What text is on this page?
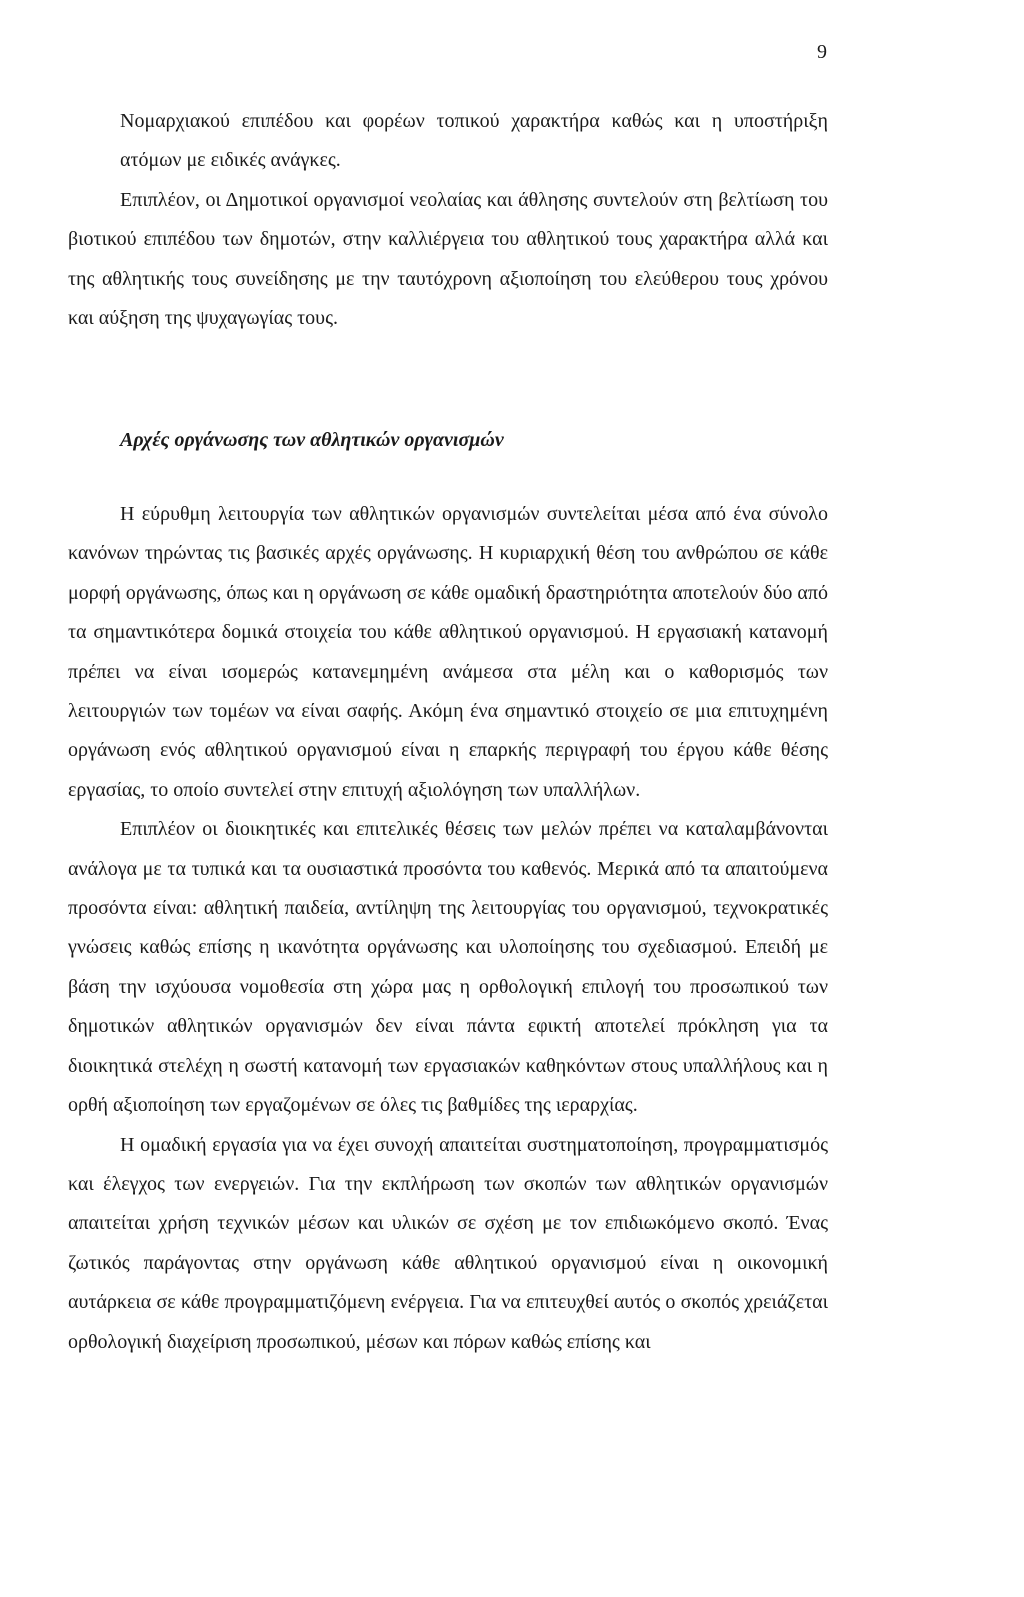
9

Νομαρχιακού επιπέδου και φορέων τοπικού χαρακτήρα καθώς και η υποστήριξη ατόμων με ειδικές ανάγκες.

Επιπλέον, οι Δημοτικοί οργανισμοί νεολαίας και άθλησης συντελούν στη βελτίωση του βιοτικού επιπέδου των δημοτών, στην καλλιέργεια του αθλητικού τους χαρακτήρα αλλά και της αθλητικής τους συνείδησης με την ταυτόχρονη αξιοποίηση του ελεύθερου τους χρόνου και αύξηση της ψυχαγωγίας τους.

Αρχές οργάνωσης των αθλητικών οργανισμών

Η εύρυθμη λειτουργία των αθλητικών οργανισμών συντελείται μέσα από ένα σύνολο κανόνων τηρώντας τις βασικές αρχές οργάνωσης. Η κυριαρχική θέση του ανθρώπου σε κάθε μορφή οργάνωσης, όπως και η οργάνωση σε κάθε ομαδική δραστηριότητα αποτελούν δύο από τα σημαντικότερα δομικά στοιχεία του κάθε αθλητικού οργανισμού. Η εργασιακή κατανομή πρέπει να είναι ισομερώς κατανεμημένη ανάμεσα στα μέλη και ο καθορισμός των λειτουργιών των τομέων να είναι σαφής. Ακόμη ένα σημαντικό στοιχείο σε μια επιτυχημένη οργάνωση ενός αθλητικού οργανισμού είναι η επαρκής περιγραφή του έργου κάθε θέσης εργασίας, το οποίο συντελεί στην επιτυχή αξιολόγηση των υπαλλήλων.

Επιπλέον οι διοικητικές και επιτελικές θέσεις των μελών πρέπει να καταλαμβάνονται ανάλογα με τα τυπικά και τα ουσιαστικά προσόντα του καθενός. Μερικά από τα απαιτούμενα προσόντα είναι: αθλητική παιδεία, αντίληψη της λειτουργίας του οργανισμού, τεχνοκρατικές γνώσεις καθώς επίσης η ικανότητα οργάνωσης και υλοποίησης του σχεδιασμού. Επειδή με βάση την ισχύουσα νομοθεσία στη χώρα μας η ορθολογική επιλογή του προσωπικού των δημοτικών αθλητικών οργανισμών δεν είναι πάντα εφικτή αποτελεί πρόκληση για τα διοικητικά στελέχη η σωστή κατανομή των εργασιακών καθηκόντων στους υπαλλήλους και η ορθή αξιοποίηση των εργαζομένων σε όλες τις βαθμίδες της ιεραρχίας.

Η ομαδική εργασία για να έχει συνοχή απαιτείται συστηματοποίηση, προγραμματισμός και έλεγχος των ενεργειών. Για την εκπλήρωση των σκοπών των αθλητικών οργανισμών απαιτείται χρήση τεχνικών μέσων και υλικών σε σχέση με τον επιδιωκόμενο σκοπό. Ένας ζωτικός παράγοντας στην οργάνωση κάθε αθλητικού οργανισμού είναι η οικονομική αυτάρκεια σε κάθε προγραμματιζόμενη ενέργεια. Για να επιτευχθεί αυτός ο σκοπός χρειάζεται ορθολογική διαχείριση προσωπικού, μέσων και πόρων καθώς επίσης και
